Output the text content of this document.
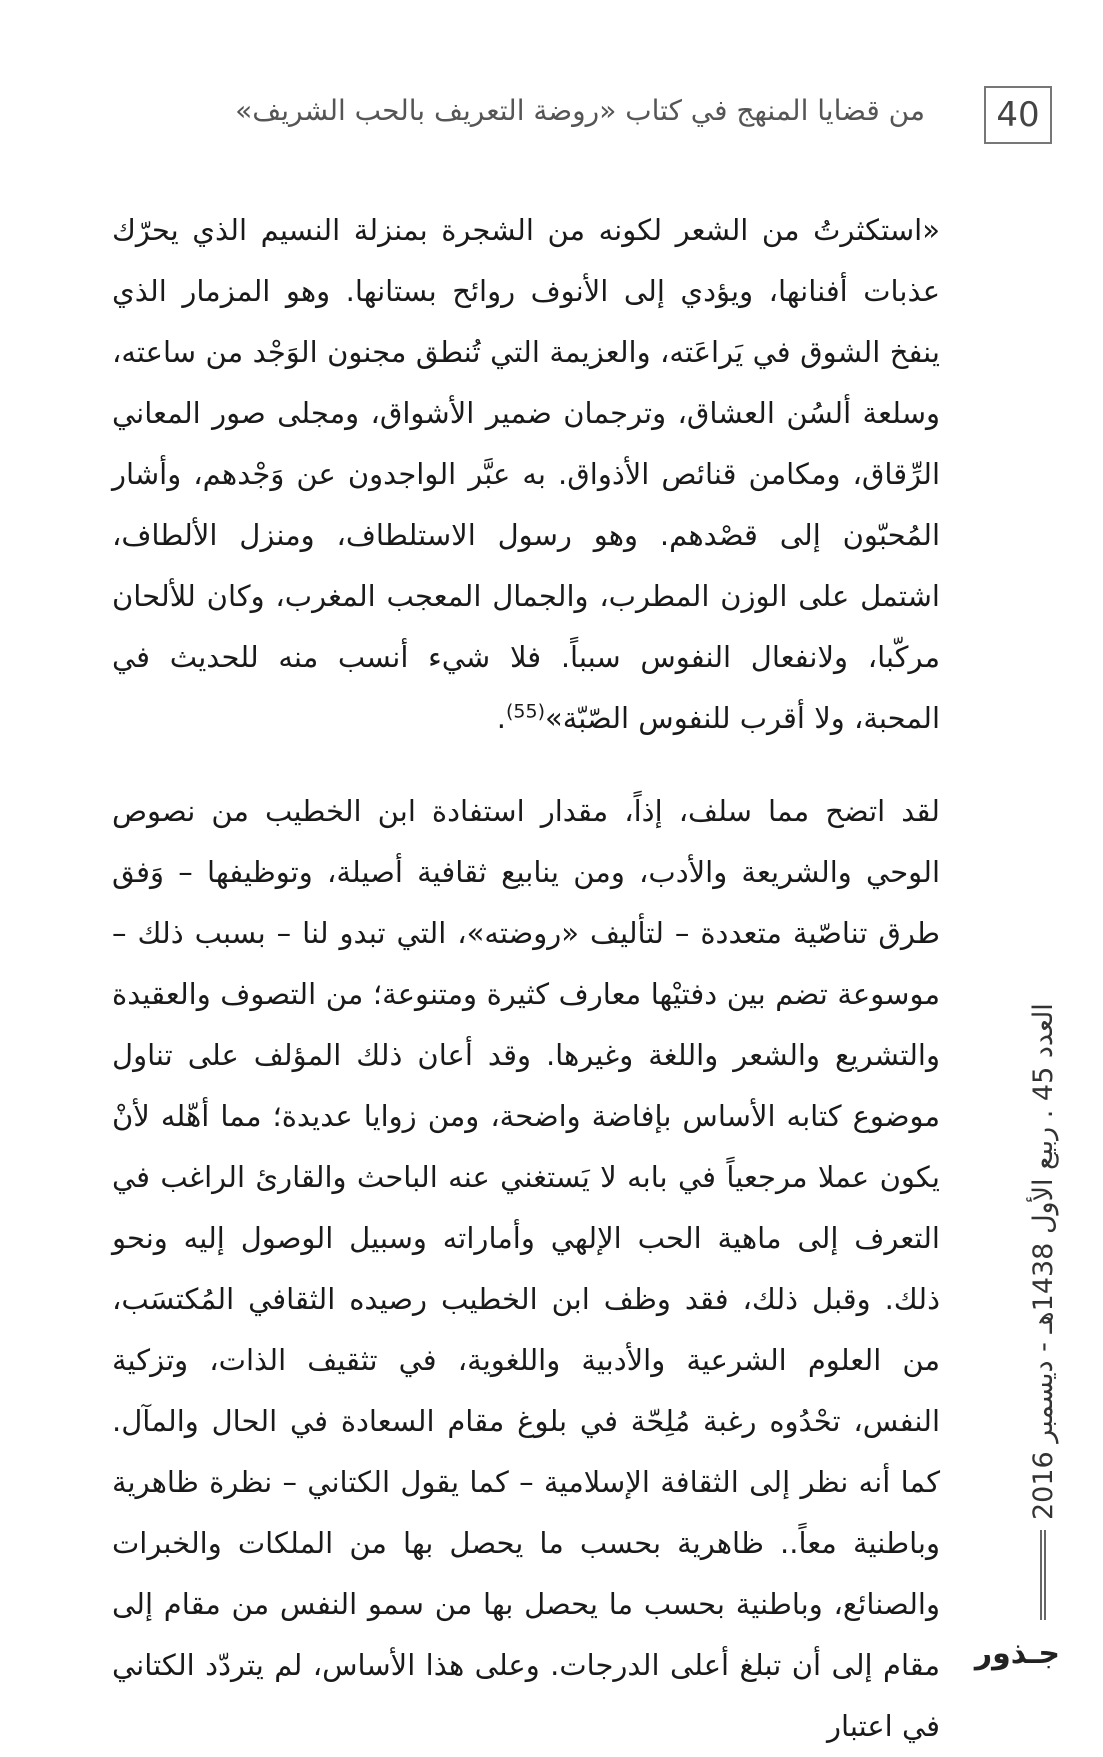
40
من قضايا المنهج في كتاب «روضة التعريف بالحب الشريف»

«استكثرتُ من الشعر لكونه من الشجرة بمنزلة النسيم الذي يحرّك عذبات أفنانها، ويؤدي إلى الأنوف روائح بستانها. وهو المزمار الذي ينفخ الشوق في يَراعَته، والعزيمة التي تُنطق مجنون الوَجْد من ساعته، وسلعة ألسُن العشاق، وترجمان ضمير الأشواق، ومجلى صور المعاني الرِّقاق، ومكامن قنائص الأذواق. به عبَّر الواجدون عن وَجْدهم، وأشار المُحبّون إلى قصْدهم. وهو رسول الاستلطاف، ومنزل الألطاف، اشتمل على الوزن المطرب، والجمال المعجب المغرب، وكان للألحان مركّبا، ولانفعال النفوس سبباً. فلا شيء أنسب منه للحديث في المحبة، ولا أقرب للنفوس الصّبّة»$^{(55)}$.

لقد اتضح مما سلف، إذاً، مقدار استفادة ابن الخطيب من نصوص الوحي والشريعة والأدب، ومن ينابيع ثقافية أصيلة، وتوظيفها – وَفق طرق تناصّية متعددة – لتأليف «روضته»، التي تبدو لنا – بسبب ذلك – موسوعة تضم بين دفتيْها معارف كثيرة ومتنوعة؛ من التصوف والعقيدة والتشريع والشعر واللغة وغيرها. وقد أعان ذلك المؤلف على تناول موضوع كتابه الأساس بإفاضة واضحة، ومن زوايا عديدة؛ مما أهّله لأنْ يكون عملا مرجعياً في بابه لا يَستغني عنه الباحث والقارئ الراغب في التعرف إلى ماهية الحب الإلهي وأماراته وسبيل الوصول إليه ونحو ذلك. وقبل ذلك، فقد وظف ابن الخطيب رصيده الثقافي المُكتسَب، من العلوم الشرعية والأدبية واللغوية، في تثقيف الذات، وتزكية النفس، تحْدُوه رغبة مُلِحّة في بلوغ مقام السعادة في الحال والمآل. كما أنه نظر إلى الثقافة الإسلامية – كما يقول الكتاني – نظرة ظاهرية وباطنية معاً.. ظاهرية بحسب ما يحصل بها من الملكات والخبرات والصنائع، وباطنية بحسب ما يحصل بها من سمو النفس من مقام إلى مقام إلى أن تبلغ أعلى الدرجات. وعلى هذا الأساس، لم يتردّد الكتاني في اعتبار

العدد 45 . ربيع الأول 1438هـ - ديسمبر 2016
جـذور
